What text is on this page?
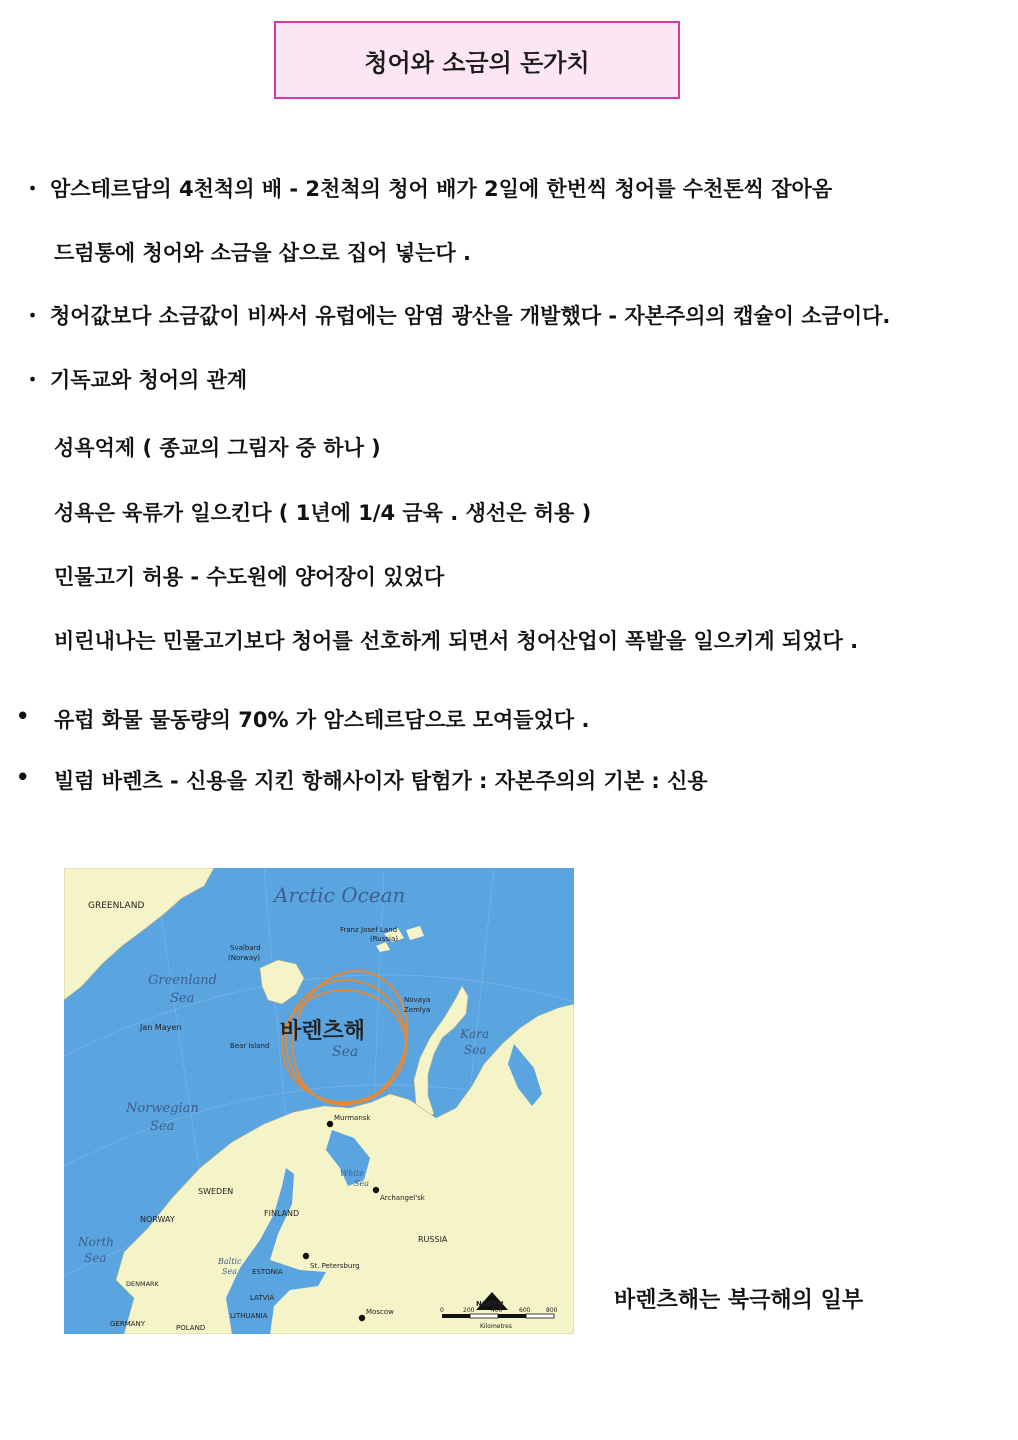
청어와 소금의 돈가치
・ 암스테르담의 4천척의 배 - 2천척의 청어 배가 2일에 한번씩 청어를 수천톤씩 잡아옴
드럼통에 청어와 소금을 삽으로 집어 넣는다 .
・ 청어값보다 소금값이 비싸서 유럽에는 암염 광산을 개발했다 - 자본주의의 캡슐이 소금이다.
・ 기독교와 청어의 관계
성욕억제 ( 종교의 그림자 중 하나 )
성욕은 육류가 일으킨다 ( 1년에 1/4 금육 . 생선은 허용 )
민물고기 허용 - 수도원에 양어장이 있었다
비린내나는 민물고기보다 청어를 선호하게 되면서 청어산업이 폭발을 일으키게 되었다 .
• 유럽 화물 물동량의 70% 가 암스테르담으로 모여들었다 .
• 빌럼 바렌츠 - 신용을 지킨 항해사이자 탐험가 : 자본주의의 기본 : 신용
Arctic Ocean
GREENLAND
Franz Josef Land
(Russia)
Svalbard
(Norway)
Greenland
Sea	Novaya
Zemlya
Jan Mayen
Bear Island	Sea
바렌츠해	Kara
Sea
Norwegian
Sea
Murmansk
White
Sea
Archangel'sk
SWEDEN
NORWAY
FINLAND
RUSSIA
North
Sea	Baltic
Sea
St. Petersburg
ESTONIA
LATVIA
DENMARK
LITHUANIA
GERMANY	POLAND
Moscow
NORTH
0	200	400	600	800
Kilometres
바렌츠해는 북극해의 일부
